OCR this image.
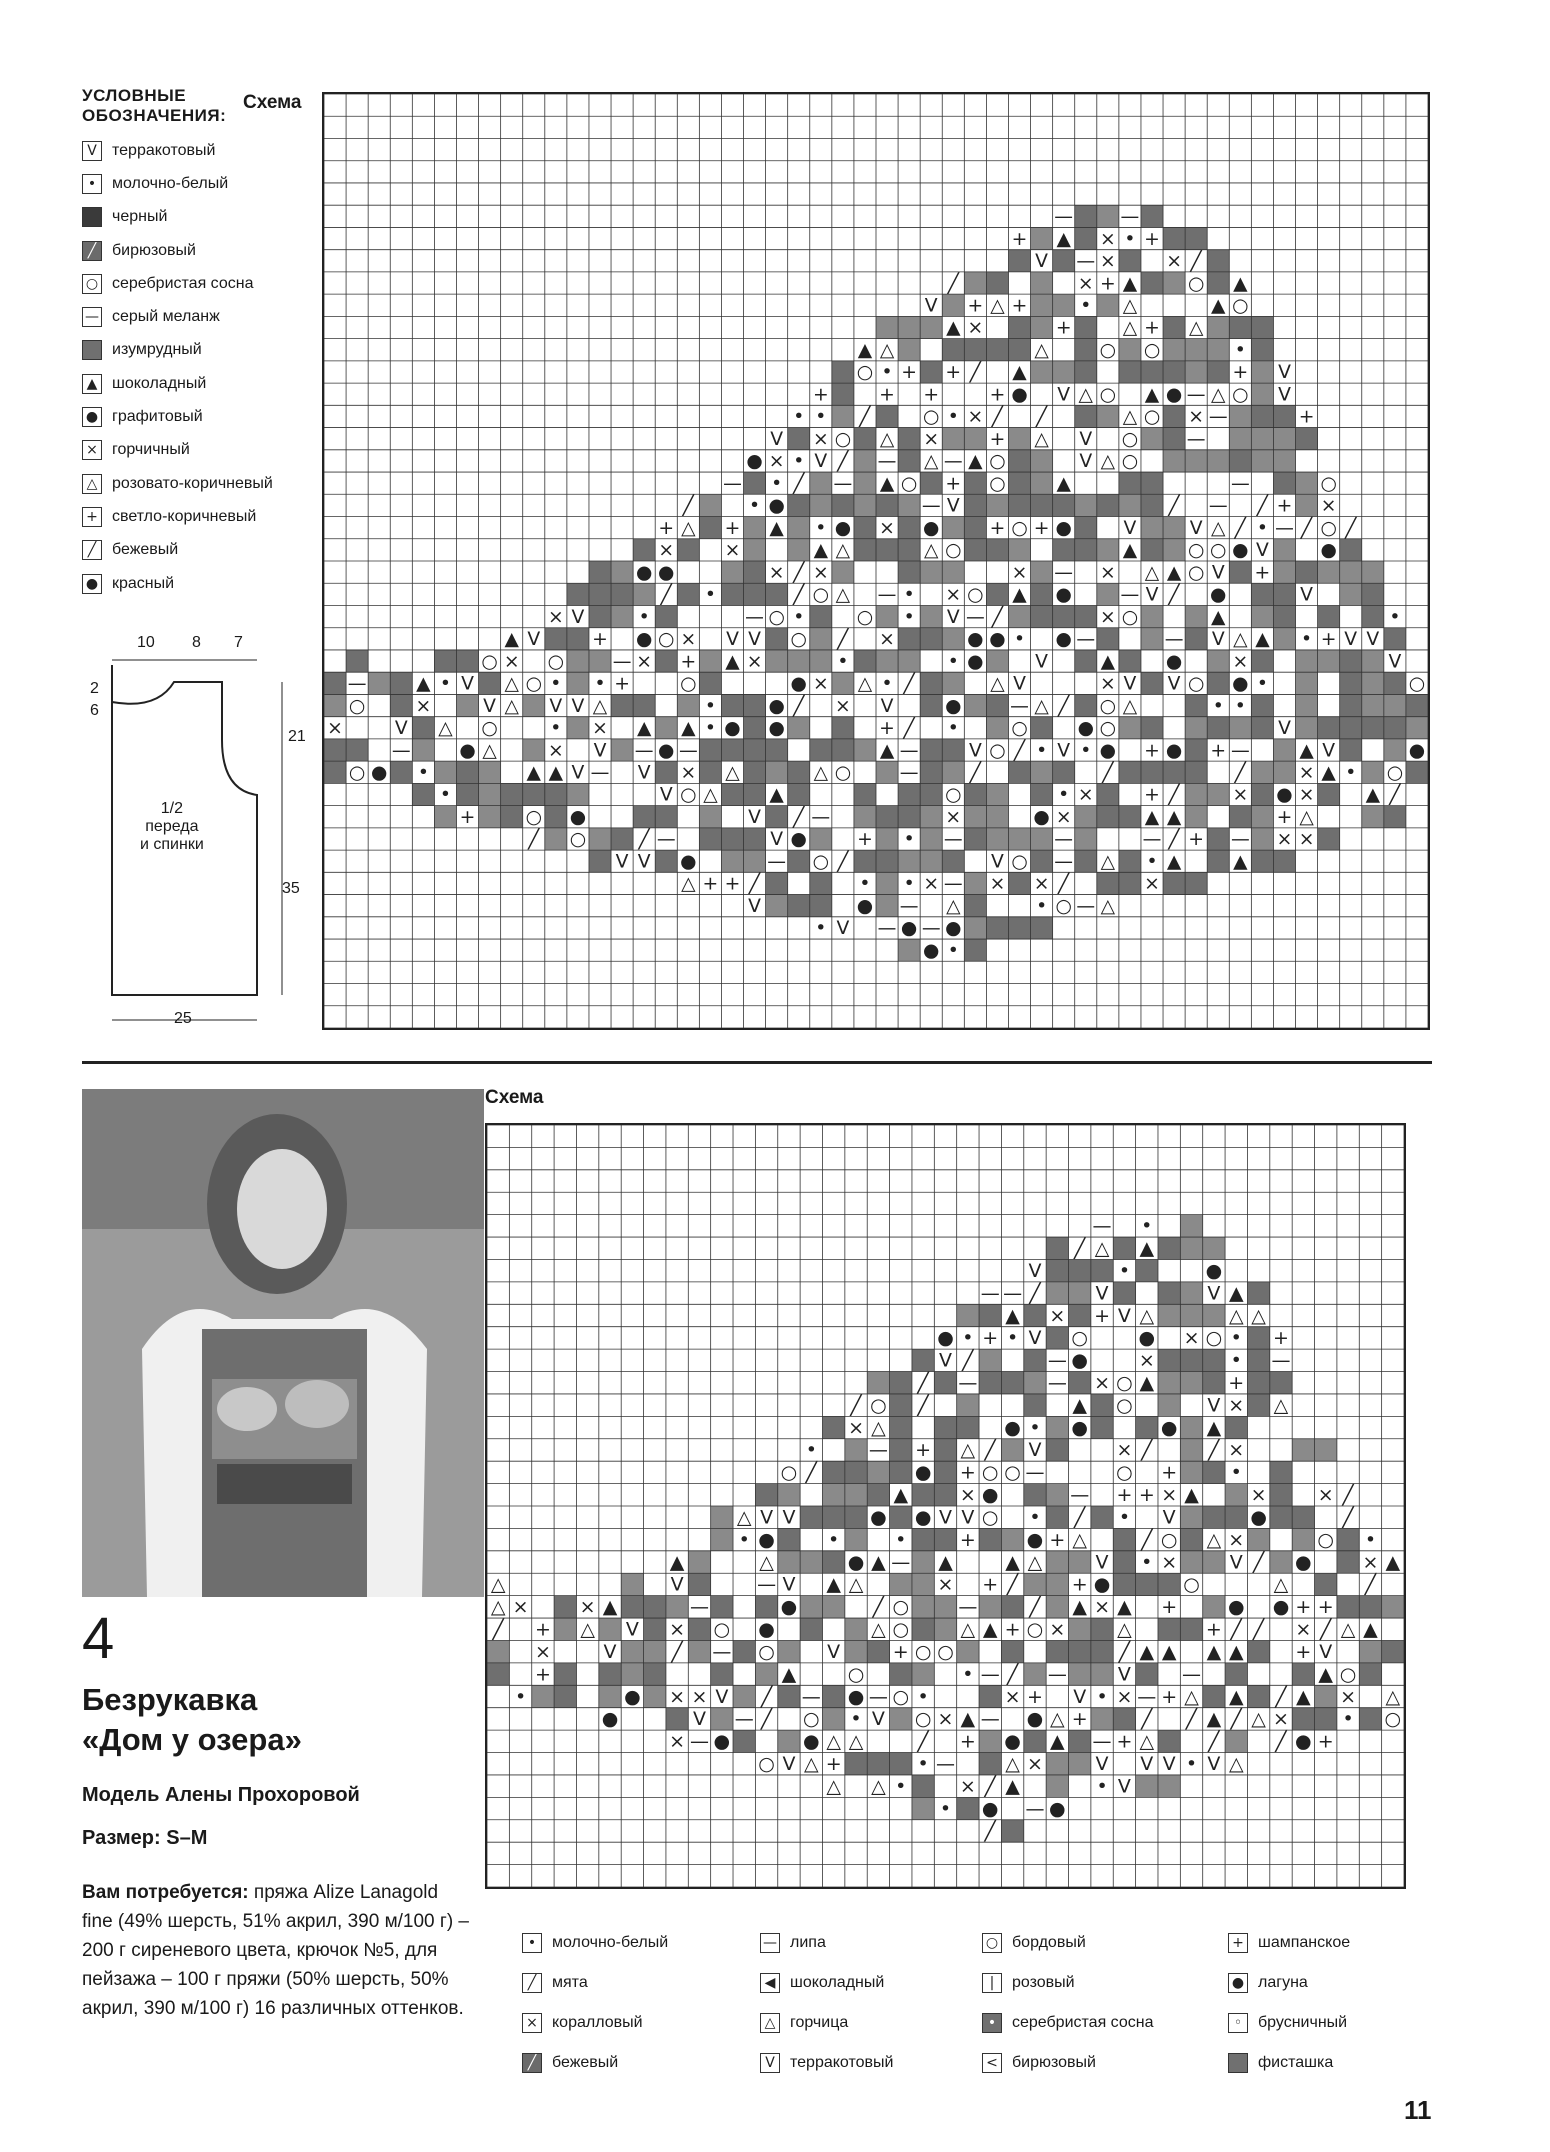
УСЛОВНЫЕ ОБОЗНАЧЕНИЯ:
V терракотовый
• молочно-белый
черный
╱ бирюзовый
○ серебристая сосна
— серый меланж
изумрудный
▲ шоколадный
● графитовый
× горчичный
△ розовато-коричневый
+ светло-коричневый
╱ бежевый
● красный
Схема
—	—
+ ▲ × • +
V — ×	× ╱
╱	× + ▲	○ ▲
V + △ +	• △	▲ ○
▲ ×	+	△ + △
▲ △	△	○ ○	•
○ • + + ╱ ▲	+ V
+	+ +	+ ● V △ ○ ▲ ● — △ ○ V
• • ╱	○ • × ╱ ╱	△ ○ × —	+
V × ○ △ ×	+ △ V ○	—
● × • V ╱ — △ — ▲ ○	V △ ○
— • ╱ — ▲ ○ + ○	▲	—	○
╱	• ●	— V	╱ — ╱ + ×
+ △ + ▲ • ● × ●	+ ○ + ●	V	V △ ╱ • — ╱ ○ ╱
×	×	▲ △	△ ○	▲	○ ○ ● V	●
● ●	× ╱ ×	× — × △ ▲ ○ V +
╱ •	╱ ○ △ — • × ○ ▲ ●	— V ╱ ●	V
× V	•	— ○ •	○ • V — ╱	× ○	▲	•
▲ V	+ ● ○ × V V ○ ╱ ×	● ● • ● —	— V △ ▲ • + V V
○ × ○	— × + ▲ ×	•	• ●	V	▲	●	×	V
—	▲ • V △ ○ • • +	○	● × △ • ╱	△ V	× V V ○ ● •	○
○	×	V △ V V △	•	● ╱ × V	●	— △ ╱ ○ △	• •
×	V △ ○	• × ▲ ▲ • ● ●	+ ╱ •	○	● ○	V
—	● △	× V — ● —	▲ —	V ○ ╱ • V • ● + ● + —	▲ V	●
○ ● •	▲ ▲ V — V × △	△ ○	—	╱	╱	╱	× ▲ • ○
•	V ○ △	▲	○	• ×	+ ╱	× ● ×	▲ ╱
+	○ ●	V ╱ —	×	● ×	▲ ▲	+ △
╱ ○	╱ —	V ●	+ • —	—	— ╱ + — × ×
V V ●	— ○ ╱	V ○ — △ • ▲	▲
△ + + ╱	• • × — × × ╱	×
V	● — △	• ○ — △
• V — ● — ●
● •
10 8 7
2
6
21
35
25
1/2
переда
и спинки
4
Безрукавка
«Дом у озера»
Модель Алены Прохоровой
Размер: S–M
Вам потребуется: пряжа Alize Lanagold fine (49% шерсть, 51% акрил, 390 м/100 г) – 200 г сиреневого цвета, крючок №5, для пейзажа – 100 г пряжи (50% шерсть, 50% акрил, 390 м/100 г) 16 различных оттенков.
Схема
— •
╱ △ ▲
V	•	●
— — ╱	V	V ▲
▲ × + V △	△ △
● • + • V ○	● × ○ • +
V ╱	— ●	×	• —
╱ —	— × ○ ▲	+
╱ ○ ╱	▲ ○	V × △
× △	● • ●	● ▲
•	— + △ ╱ V	× ╱	╱ ×
○ ╱	● + ○ ○ —	○ +	•
▲	× ●	— + + × ▲	×	× ╱
△ V V	● ● V V ○ • ╱ • V	●	╱
• ●	•	•	+	● + △	╱ ○ △ ×	○ •
▲	△	● ▲ — ▲	▲ △	V • ×	V ╱ ●	× ▲
△	V	— V ▲ △	× + ╱	+ ●	○	△	╱
△ ×	× ▲	—	●	╱ ○	—	╱ ▲ × ▲ +	● ● + +
╱ + △ V × ○ ●	△ ○	△ ▲ + ○ ×	△	+ ╱ ╱ × ╱ △ ▲
×	V	╱ — ○	V	+ ○ ○	╱ ▲ ▲ ▲ ▲	+ V
+	▲	○	• — ╱ —	V	—	▲ ○
•	● × × V ╱ — ● — ○ •	× + V • × — + △ ▲ ╱ ▲ × △
●	V — ╱ ○ • V ○ × ▲ — ● △ +	╱ ╱ ▲ ╱ △ ×	• ○
× — ●	● △ △	╱ + ● ▲ — + △	╱	╱ ● +
○ V △ +	• —	△ ×	V V V • V △
△ △ •	× ╱ ▲	• V
• ● — ●
╱
• молочно-белый	— липа	○ бордовый	+ шампанское
╱ мята	◀ шоколадный	|	розовый	● лагуна
× коралловый	△ горчица	• серебристая сосна	◦ брусничный
╱ бежевый	V терракотовый	< бирюзовый	фисташка
11
